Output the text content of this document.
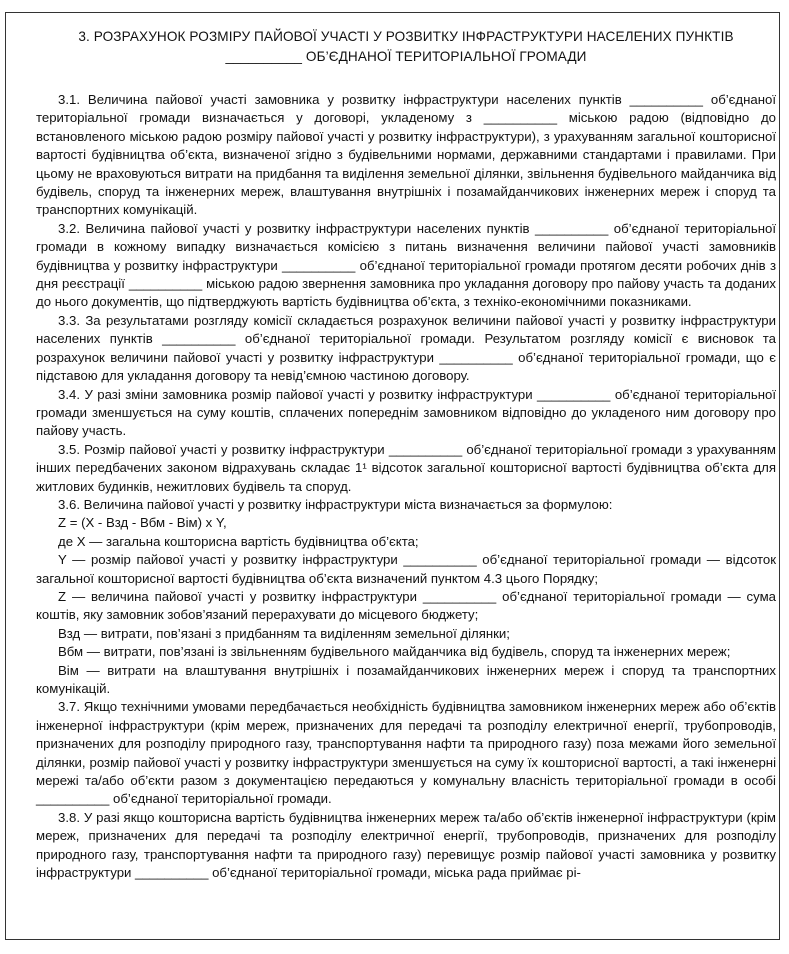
3. РОЗРАХУНОК РОЗМІРУ ПАЙОВОЇ УЧАСТІ У РОЗВИТКУ ІНФРАСТРУКТУРИ НАСЕЛЕНИХ ПУНКТІВ
__________ ОБ’ЄДНАНОЇ ТЕРИТОРІАЛЬНОЇ ГРОМАДИ

3.1. Величина пайової участі замовника у розвитку інфраструктури населених пунктів __________ об’єднаної територіальної громади визначається у договорі, укладеному з __________ міською радою (відповідно до встановленого міською радою розміру пайової участі у розвитку інфраструктури), з урахуванням загальної кошторисної вартості будівництва об’єкта, визначеної згідно з будівельними нормами, державними стандартами і правилами. При цьому не враховуються витрати на придбання та виділення земельної ділянки, звільнення будівельного майданчика від будівель, споруд та інженерних мереж, влаштування внутрішніх і позамайданчикових інженерних мереж і споруд та транспортних комунікацій.

3.2. Величина пайової участі у розвитку інфраструктури населених пунктів __________ об’єднаної територіальної громади в кожному випадку визначається комісією з питань визначення величини пайової участі замовників будівництва у розвитку інфраструктури __________ об’єднаної територіальної громади протягом десяти робочих днів з дня реєстрації __________ міською радою звернення замовника про укладання договору про пайову участь та доданих до нього документів, що підтверджують вартість будівництва об’єкта, з техніко-економічними показниками.

3.3. За результатами розгляду комісії складається розрахунок величини пайової участі у розвитку інфраструктури населених пунктів __________ об’єднаної територіальної громади. Результатом розгляду комісії є висновок та розрахунок величини пайової участі у розвитку інфраструктури __________ об’єднаної територіальної громади, що є підставою для укладання договору та невід’ємною частиною договору.

3.4. У разі зміни замовника розмір пайової участі у розвитку інфраструктури __________ об’єднаної територіальної громади зменшується на суму коштів, сплачених попереднім замовником відповідно до укладеного ним договору про пайову участь.

3.5. Розмір пайової участі у розвитку інфраструктури __________ об’єднаної територіальної громади з урахуванням інших передбачених законом відрахувань складає 1¹ відсоток загальної кошторисної вартості будівництва об’єкта для житлових будинків, нежитлових будівель та споруд.

3.6. Величина пайової участі у розвитку інфраструктури міста визначається за формулою:

Z = (Х - Взд - Вбм - Вім) х Y,

де Х — загальна кошторисна вартість будівництва об’єкта;

Y — розмір пайової участі у розвитку інфраструктури __________ об’єднаної територіальної громади — відсоток загальної кошторисної вартості будівництва об’єкта визначений пунктом 4.3 цього Порядку;

Z — величина пайової участі у розвитку інфраструктури __________ об’єднаної територіальної громади — сума коштів, яку замовник зобов’язаний перерахувати до місцевого бюджету;

Взд — витрати, пов’язані з придбанням та виділенням земельної ділянки;

Вбм — витрати, пов’язані із звільненням будівельного майданчика від будівель, споруд та інженерних мереж;

Вім — витрати на влаштування внутрішніх і позамайданчикових інженерних мереж і споруд та транспортних комунікацій.

3.7. Якщо технічними умовами передбачається необхідність будівництва замовником інженерних мереж або об’єктів інженерної інфраструктури (крім мереж, призначених для передачі та розподілу електричної енергії, трубопроводів, призначених для розподілу природного газу, транспортування нафти та природного газу) поза межами його земельної ділянки, розмір пайової участі у розвитку інфраструктури зменшується на суму їх кошторисної вартості, а такі інженерні мережі та/або об’єкти разом з документацією передаються у комунальну власність територіальної громади в особі __________ об’єднаної територіальної громади.

3.8. У разі якщо кошторисна вартість будівництва інженерних мереж та/або об’єктів інженерної інфраструктури (крім мереж, призначених для передачі та розподілу електричної енергії, трубопроводів, призначених для розподілу природного газу, транспортування нафти та природного газу) перевищує розмір пайової участі замовника у розвитку інфраструктури __________ об’єднаної територіальної громади, міська рада приймає рі-
